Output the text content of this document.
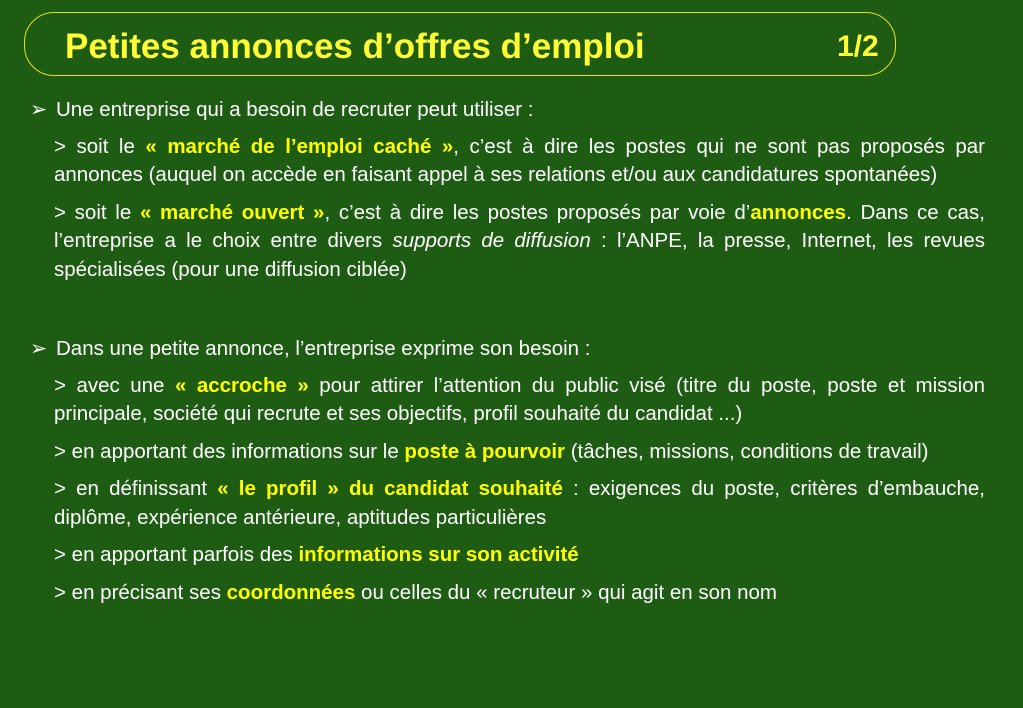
Petites annonces d’offres d’emploi	1/2
➢ Une entreprise qui a besoin de recruter peut utiliser :
> soit le « marché de l’emploi caché », c’est à dire les postes qui ne sont pas proposés par annonces (auquel on accède en faisant appel à ses relations et/ou aux candidatures spontanées)
> soit le « marché ouvert », c’est à dire les postes proposés par voie d’annonces. Dans ce cas, l’entreprise a le choix entre divers supports de diffusion : l’ANPE, la presse, Internet, les revues spécialisées (pour une diffusion ciblée)
➢ Dans une petite annonce, l’entreprise exprime son besoin :
> avec une « accroche » pour attirer l’attention du public visé (titre du poste, poste et mission principale, société qui recrute et ses objectifs, profil souhaité du candidat ...)
> en apportant des informations sur le poste à pourvoir (tâches, missions, conditions de travail)
> en définissant « le profil » du candidat souhaité : exigences du poste, critères d’embauche, diplôme, expérience antérieure, aptitudes particulières
> en apportant parfois des informations sur son activité
> en précisant ses coordonnées ou celles du « recruteur » qui agit en son nom
